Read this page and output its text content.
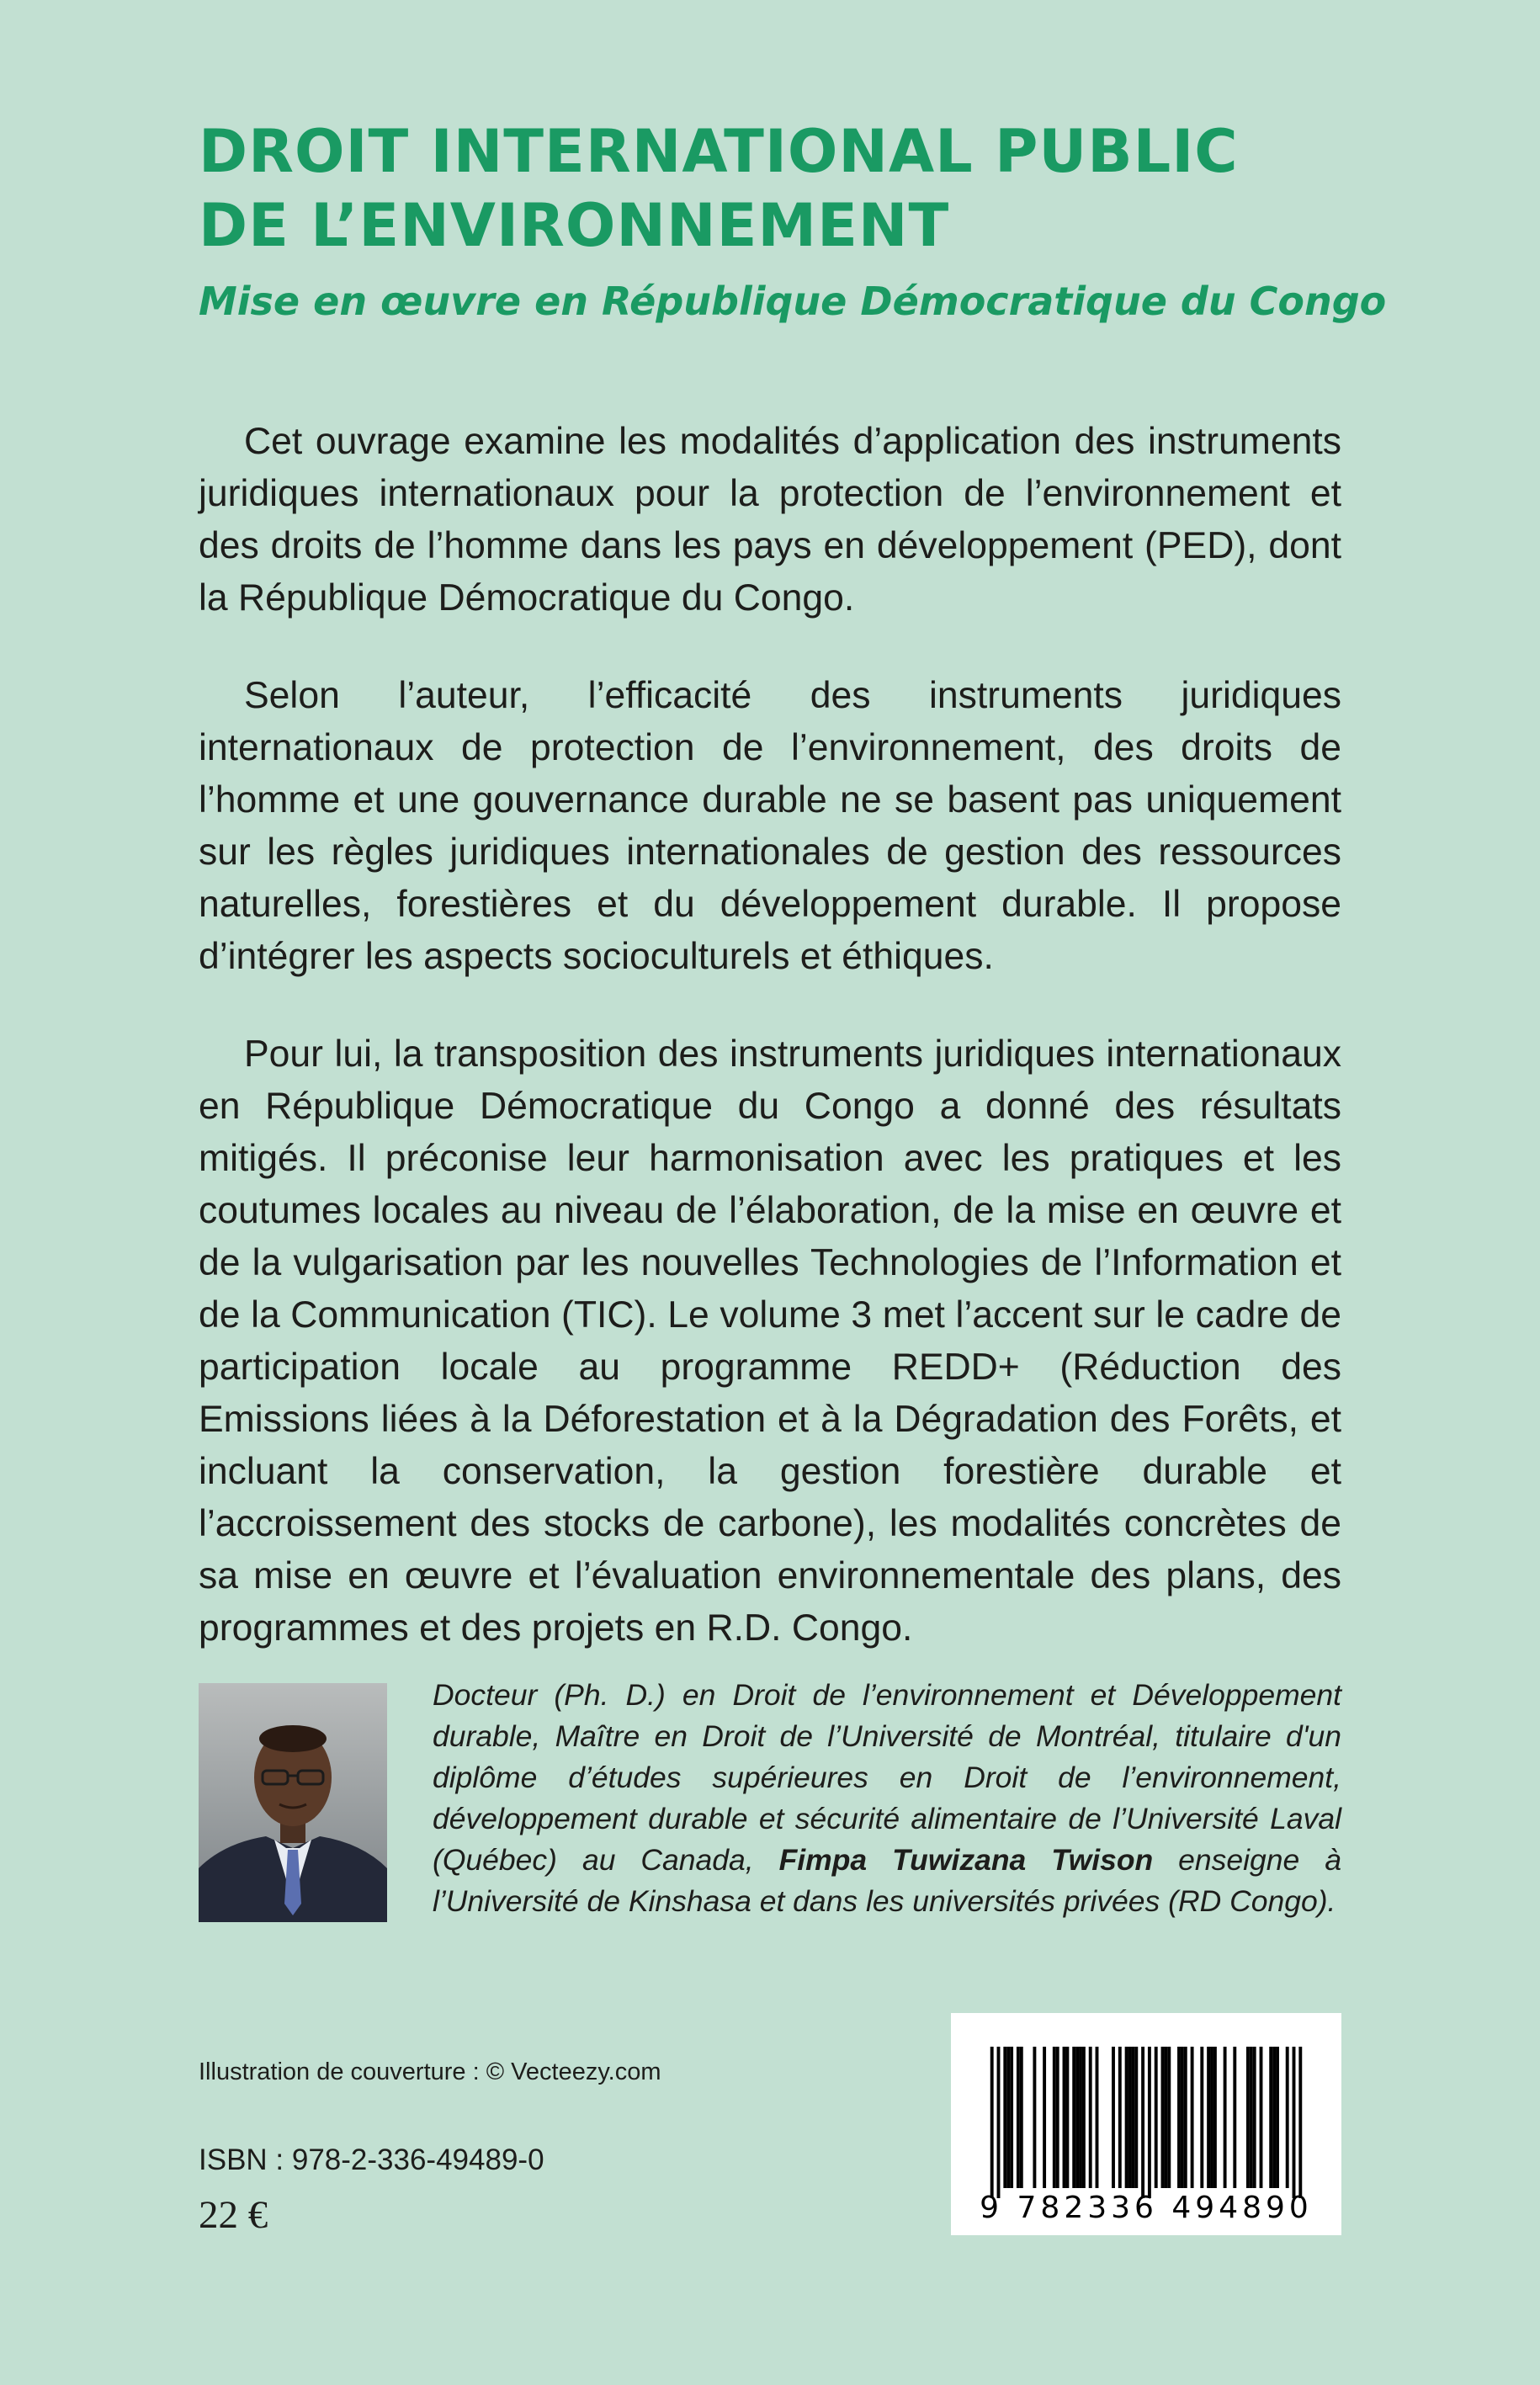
DROIT INTERNATIONAL PUBLIC
DE L’ENVIRONNEMENT
Mise en œuvre en République Démocratique du Congo

Cet ouvrage examine les modalités d’application des instruments juridiques internationaux pour la protection de l’environnement et des droits de l’homme dans les pays en développement (PED), dont la République Démocratique du Congo.

Selon l’auteur, l’efficacité des instruments juridiques internationaux de protection de l’environnement, des droits de l’homme et une gouvernance durable ne se basent pas uniquement sur les règles juridiques internationales de gestion des ressources naturelles, forestières et du développement durable. Il propose d’intégrer les aspects socioculturels et éthiques.

Pour lui, la transposition des instruments juridiques internationaux en République Démocratique du Congo a donné des résultats mitigés. Il préconise leur harmonisation avec les pratiques et les coutumes locales au niveau de l’élaboration, de la mise en œuvre et de la vulgarisation par les nouvelles Technologies de l’Information et de la Communication (TIC). Le volume 3 met l’accent sur le cadre de participation locale au programme REDD+ (Réduction des Emissions liées à la Déforestation et à la Dégradation des Forêts, et incluant la conservation, la gestion forestière durable et l’accroissement des stocks de carbone), les modalités concrètes de sa mise en œuvre et l’évaluation environnementale des plans, des programmes et des projets en R.D. Congo.

Docteur (Ph. D.) en Droit de l’environnement et Développement durable, Maître en Droit de l’Université de Montréal, titulaire d'un diplôme d’études supérieures en Droit de l’environnement, développement durable et sécurité alimentaire de l’Université Laval (Québec) au Canada, Fimpa Tuwizana Twison enseigne à l’Université de Kinshasa et dans les universités privées (RD Congo).

Illustration de couverture : © Vecteezy.com
ISBN : 978-2-336-49489-0
22 €	9 782336 494890
